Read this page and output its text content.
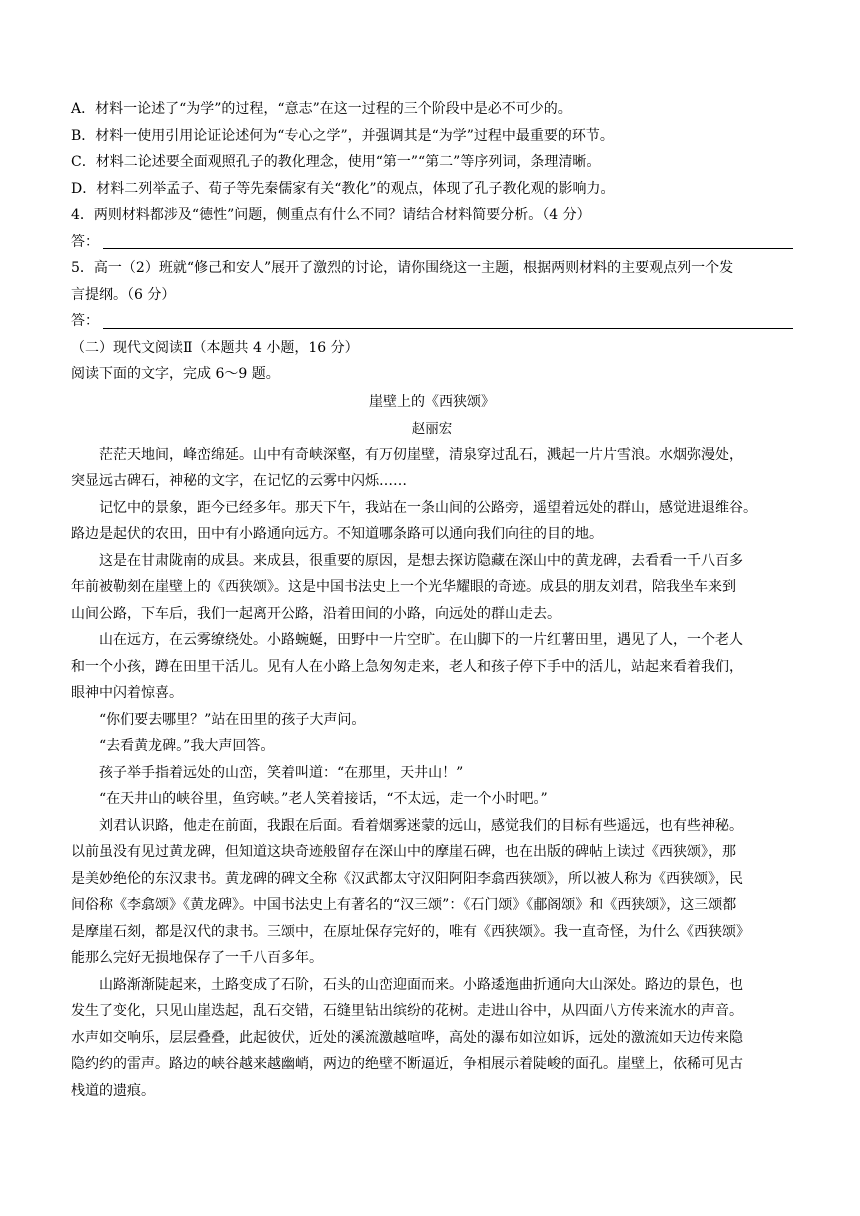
A．材料一论述了“为学”的过程，“意志”在这一过程的三个阶段中是必不可少的。

B．材料一使用引用论证论述何为“专心之学”，并强调其是“为学”过程中最重要的环节。

C．材料二论述要全面观照孔子的教化理念，使用“第一”“第二”等序列词，条理清晰。

D．材料二列举孟子、荀子等先秦儒家有关“教化”的观点，体现了孔子教化观的影响力。

4．两则材料都涉及“德性”问题，侧重点有什么不同？请结合材料简要分析。（4 分）

答：

5．高一（2）班就“修己和安人”展开了激烈的讨论，请你围绕这一主题，根据两则材料的主要观点列一个发

言提纲。（6 分）

答：

（二）现代文阅读Ⅱ（本题共 4 小题，16 分）

阅读下面的文字，完成 6～9 题。

崖壁上的《西狭颂》

赵丽宏

　　茫茫天地间，峰峦绵延。山中有奇峡深壑，有万仞崖壁，清泉穿过乱石，溅起一片片雪浪。水烟弥漫处，

突显远古碑石，神秘的文字，在记忆的云雾中闪烁……

　　记忆中的景象，距今已经多年。那天下午，我站在一条山间的公路旁，遥望着远处的群山，感觉进退维谷。

路边是起伏的农田，田中有小路通向远方。不知道哪条路可以通向我们向往的目的地。

　　这是在甘肃陇南的成县。来成县，很重要的原因，是想去探访隐藏在深山中的黄龙碑，去看看一千八百多

年前被勒刻在崖壁上的《西狭颂》。这是中国书法史上一个光华耀眼的奇迹。成县的朋友刘君，陪我坐车来到

山间公路，下车后，我们一起离开公路，沿着田间的小路，向远处的群山走去。

　　山在远方，在云雾缭绕处。小路蜿蜒，田野中一片空旷。在山脚下的一片红薯田里，遇见了人，一个老人

和一个小孩，蹲在田里干活儿。见有人在小路上急匆匆走来，老人和孩子停下手中的活儿，站起来看着我们，

眼神中闪着惊喜。

　　“你们要去哪里？”站在田里的孩子大声问。

　　“去看黄龙碑。”我大声回答。

　　孩子举手指着远处的山峦，笑着叫道：“在那里，天井山！”

　　“在天井山的峡谷里，鱼窍峡。”老人笑着接话，“不太远，走一个小时吧。”

　　刘君认识路，他走在前面，我跟在后面。看着烟雾迷蒙的远山，感觉我们的目标有些遥远，也有些神秘。

以前虽没有见过黄龙碑，但知道这块奇迹般留存在深山中的摩崖石碑，也在出版的碑帖上读过《西狭颂》，那

是美妙绝伦的东汉隶书。黄龙碑的碑文全称《汉武都太守汉阳阿阳李翕西狭颂》，所以被人称为《西狭颂》，民

间俗称《李翕颂》《黄龙碑》。中国书法史上有著名的“汉三颂”：《石门颂》《郙阁颂》和《西狭颂》，这三颂都

是摩崖石刻，都是汉代的隶书。三颂中，在原址保存完好的，唯有《西狭颂》。我一直奇怪，为什么《西狭颂》

能那么完好无损地保存了一千八百多年。

　　山路渐渐陡起来，土路变成了石阶，石头的山峦迎面而来。小路逶迤曲折通向大山深处。路边的景色，也

发生了变化，只见山崖迭起，乱石交错，石缝里钻出缤纷的花树。走进山谷中，从四面八方传来流水的声音。

水声如交响乐，层层叠叠，此起彼伏，近处的溪流激越喧哗，高处的瀑布如泣如诉，远处的激流如天边传来隐

隐约约的雷声。路边的峡谷越来越幽峭，两边的绝壁不断逼近，争相展示着陡峻的面孔。崖壁上，依稀可见古

栈道的遗痕。
